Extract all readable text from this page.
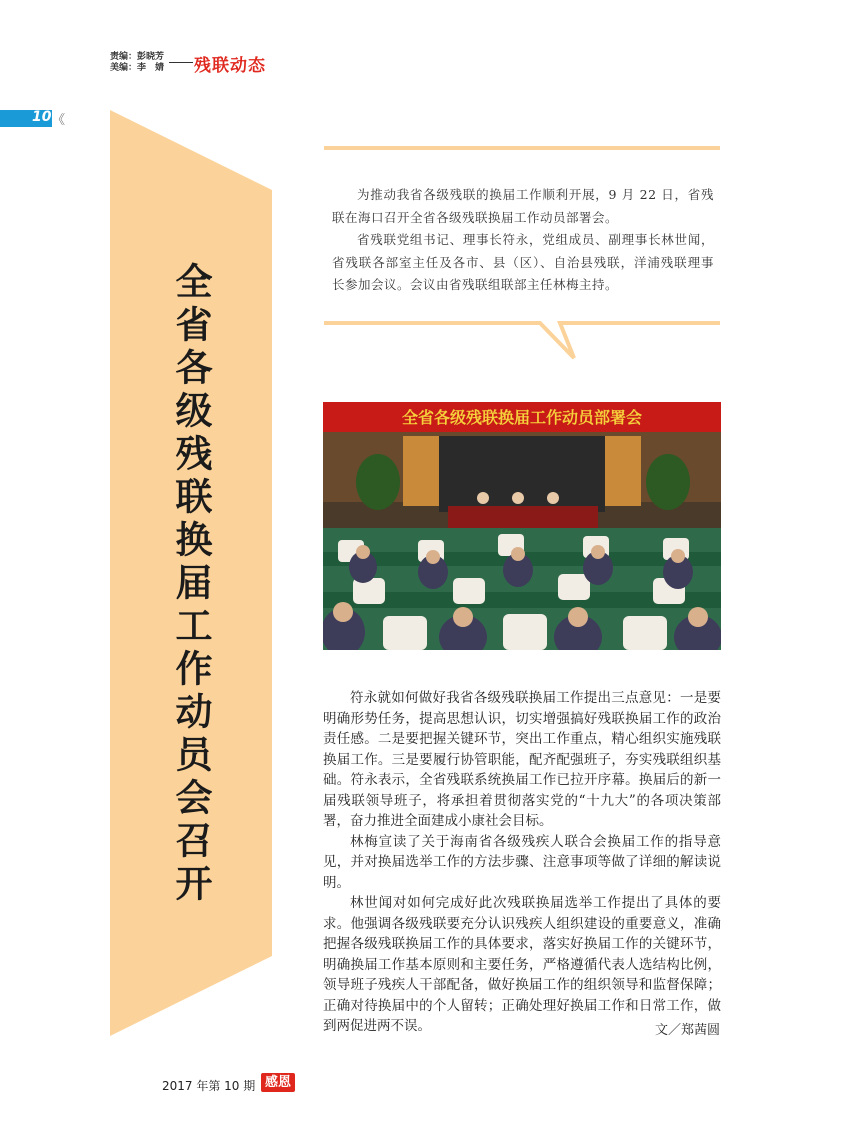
责编：彭晓芳
美编：李　婧 残联动态
10 《
全省各级残联换届工作动员会召开

为推动我省各级残联的换届工作顺利开展，9 月 22 日，省残联在海口召开全省各级残联换届工作动员部署会。

省残联党组书记、理事长符永，党组成员、副理事长林世闻，省残联各部室主任及各市、县（区）、自治县残联，洋浦残联理事长参加会议。会议由省残联组联部主任林梅主持。

全省各级残联换届工作动员部署会

符永就如何做好我省各级残联换届工作提出三点意见：一是要明确形势任务，提高思想认识，切实增强搞好残联换届工作的政治责任感。二是要把握关键环节，突出工作重点，精心组织实施残联换届工作。三是要履行协管职能，配齐配强班子，夯实残联组织基础。符永表示，全省残联系统换届工作已拉开序幕。换届后的新一届残联领导班子，将承担着贯彻落实党的“十九大”的各项决策部署，奋力推进全面建成小康社会目标。

林梅宣读了关于海南省各级残疾人联合会换届工作的指导意见，并对换届选举工作的方法步骤、注意事项等做了详细的解读说明。

林世闻对如何完成好此次残联换届选举工作提出了具体的要求。他强调各级残联要充分认识残疾人组织建设的重要意义，准确把握各级残联换届工作的具体要求，落实好换届工作的关键环节，明确换届工作基本原则和主要任务，严格遵循代表人选结构比例，领导班子残疾人干部配备，做好换届工作的组织领导和监督保障；正确对待换届中的个人留转；正确处理好换届工作和日常工作，做到两促进两不误。	文／郑茜圆
2017 年第 10 期 感恩
